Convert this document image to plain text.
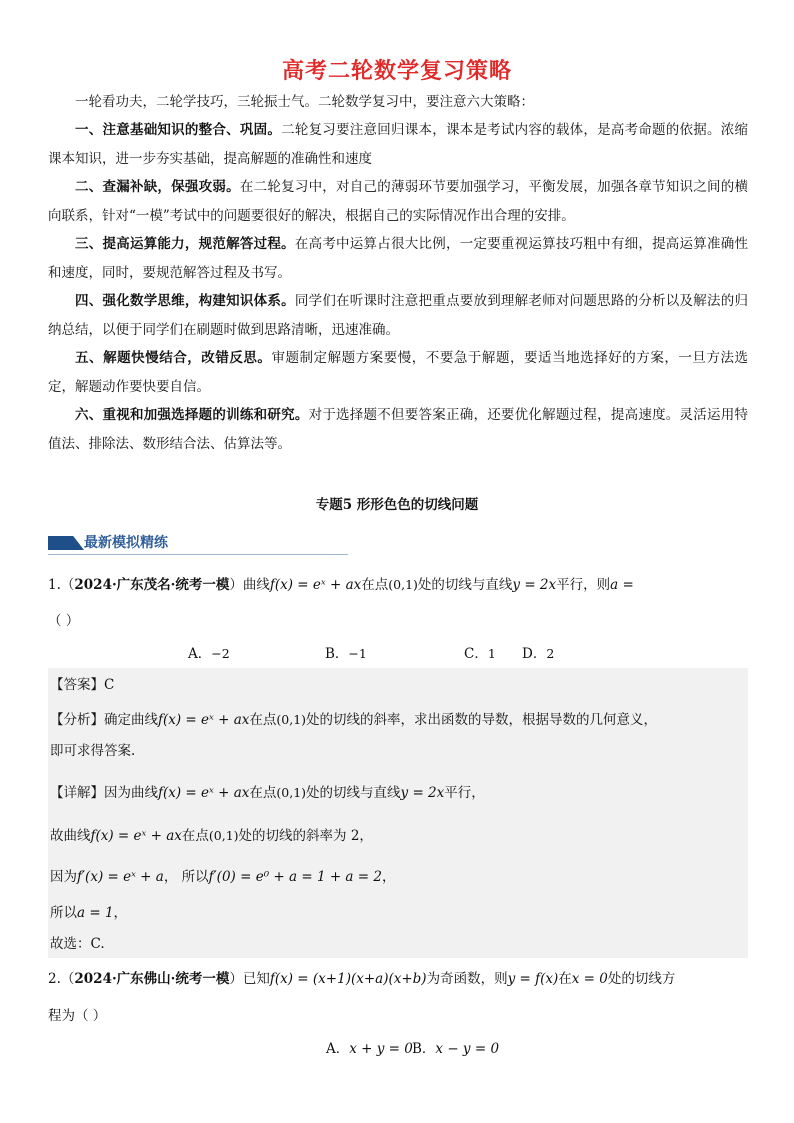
高考二轮数学复习策略
一轮看功夫，二轮学技巧，三轮振士气。二轮数学复习中，要注意六大策略：
一、注意基础知识的整合、巩固。二轮复习要注意回归课本，课本是考试内容的载体，是高考命题的依据。浓缩课本知识，进一步夯实基础，提高解题的准确性和速度
二、查漏补缺，保强攻弱。在二轮复习中，对自己的薄弱环节要加强学习，平衡发展，加强各章节知识之间的横向联系，针对“一模”考试中的问题要很好的解决，根据自己的实际情况作出合理的安排。
三、提高运算能力，规范解答过程。在高考中运算占很大比例，一定要重视运算技巧粗中有细，提高运算准确性和速度，同时，要规范解答过程及书写。
四、强化数学思维，构建知识体系。同学们在听课时注意把重点要放到理解老师对问题思路的分析以及解法的归纳总结，以便于同学们在刷题时做到思路清晰，迅速准确。
五、解题快慢结合，改错反思。审题制定解题方案要慢，不要急于解题，要适当地选择好的方案，一旦方法选定，解题动作要快要自信。
六、重视和加强选择题的训练和研究。对于选择题不但要答案正确，还要优化解题过程，提高速度。灵活运用特值法、排除法、数形结合法、估算法等。
专题5 形形色色的切线问题
最新模拟精练
1.（2024·广东茂名·统考一模）曲线f(x) = eˣ + ax在点(0,1)处的切线与直线y = 2x平行，则a =
（ ）
A．−2	B．−1	C．1 D．2
【答案】C
【分析】确定曲线f(x) = eˣ + ax在点(0,1)处的切线的斜率，求出函数的导数，根据导数的几何意义，
即可求得答案.
【详解】因为曲线f(x) = eˣ + ax在点(0,1)处的切线与直线y = 2x平行，
故曲线f(x) = eˣ + ax在点(0,1)处的切线的斜率为 2，
因为f′(x) = eˣ + a， 所以f′(0) = e⁰ + a = 1 + a = 2，
所以a = 1，
故选：C.
2.（2024·广东佛山·统考一模）已知f(x) = (x+1)(x+a)(x+b)为奇函数，则y = f(x)在x = 0处的切线方
程为（ ）
A．x + y = 0 B．x − y = 0
